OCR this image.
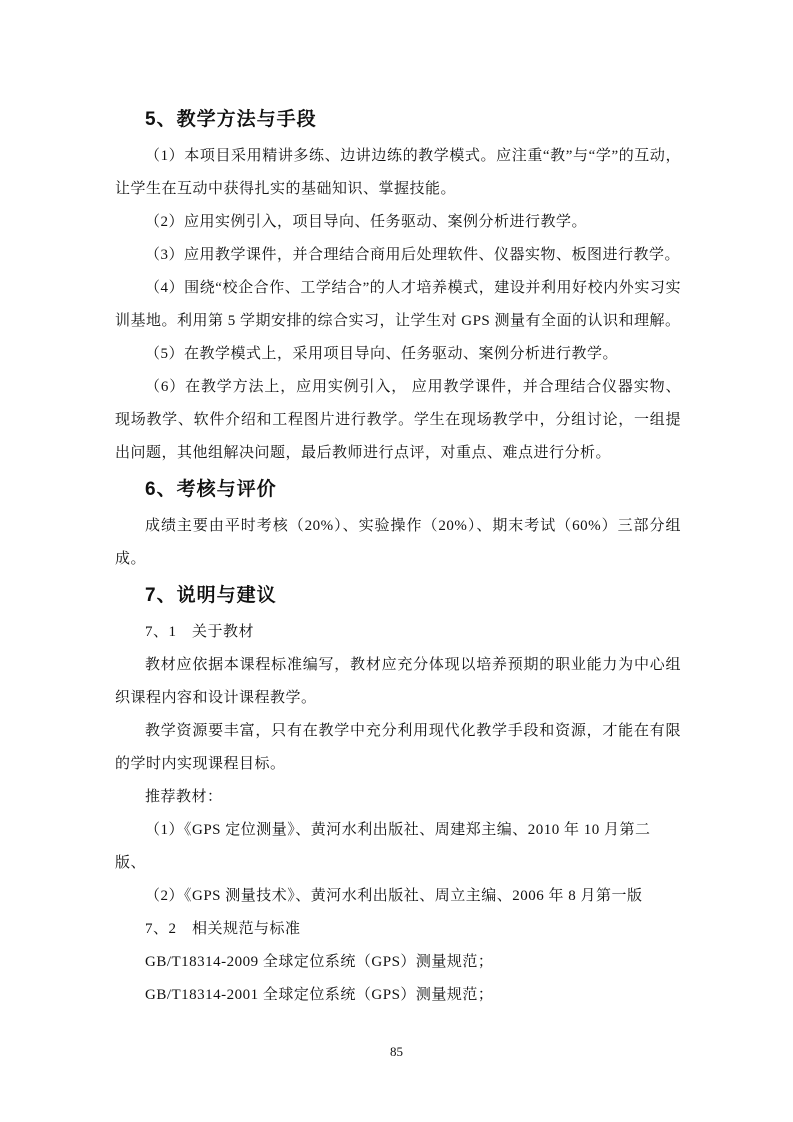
5、教学方法与手段

（1）本项目采用精讲多练、边讲边练的教学模式。应注重“教”与“学”的互动，让学生在互动中获得扎实的基础知识、掌握技能。

（2）应用实例引入，项目导向、任务驱动、案例分析进行教学。

（3）应用教学课件，并合理结合商用后处理软件、仪器实物、板图进行教学。

（4）围绕“校企合作、工学结合”的人才培养模式，建设并利用好校内外实习实训基地。利用第 5 学期安排的综合实习，让学生对 GPS 测量有全面的认识和理解。

（5）在教学模式上，采用项目导向、任务驱动、案例分析进行教学。

（6）在教学方法上，应用实例引入， 应用教学课件，并合理结合仪器实物、现场教学、软件介绍和工程图片进行教学。学生在现场教学中，分组讨论，一组提出问题，其他组解决问题，最后教师进行点评，对重点、难点进行分析。

6、考核与评价

成绩主要由平时考核（20%）、实验操作（20%）、期末考试（60%）三部分组成。

7、说明与建议

7、1　关于教材

教材应依据本课程标准编写，教材应充分体现以培养预期的职业能力为中心组织课程内容和设计课程教学。

教学资源要丰富，只有在教学中充分利用现代化教学手段和资源，才能在有限的学时内实现课程目标。

推荐教材：

（1）《GPS 定位测量》、黄河水利出版社、周建郑主编、2010 年 10 月第二版、

（2）《GPS 测量技术》、黄河水利出版社、周立主编、2006 年 8 月第一版

7、2　相关规范与标准

GB/T18314-2009 全球定位系统（GPS）测量规范；

GB/T18314-2001 全球定位系统（GPS）测量规范；

85
